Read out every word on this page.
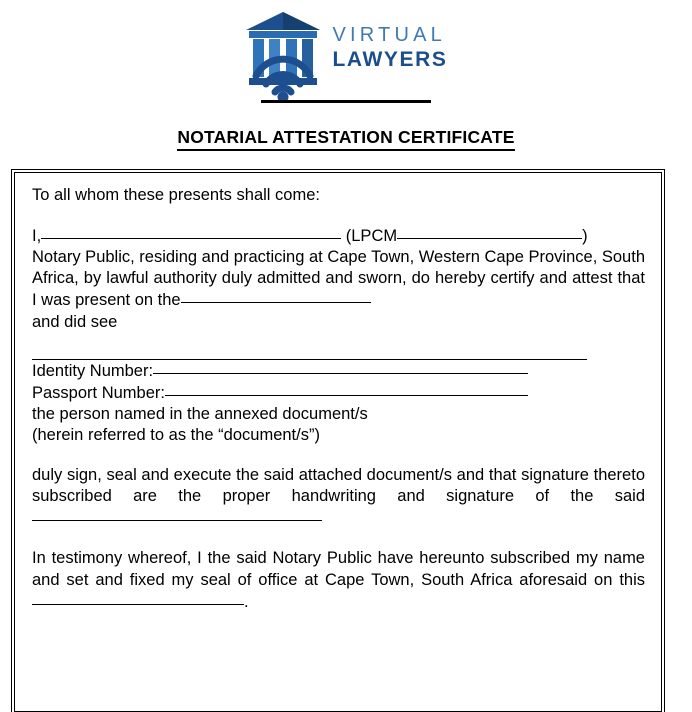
VIRTUAL
LAWYERS
NOTARIAL ATTESTATION CERTIFICATE

To all whom these presents shall come:

I,	(LPCM	)

Notary Public, residing and practicing at Cape Town, Western Cape Province, South Africa, by lawful authority duly admitted and sworn, do hereby certify and attest that I was present on the

and did see

Identity Number:

Passport Number:

the person named in the annexed document/s

(herein referred to as the “document/s”)

duly sign, seal and execute the said attached document/s and that signature thereto subscribed are the proper handwriting and signature of the said

In testimony whereof, I the said Notary Public have hereunto subscribed my name and set and fixed my seal of office at Cape Town, South Africa aforesaid on this.
